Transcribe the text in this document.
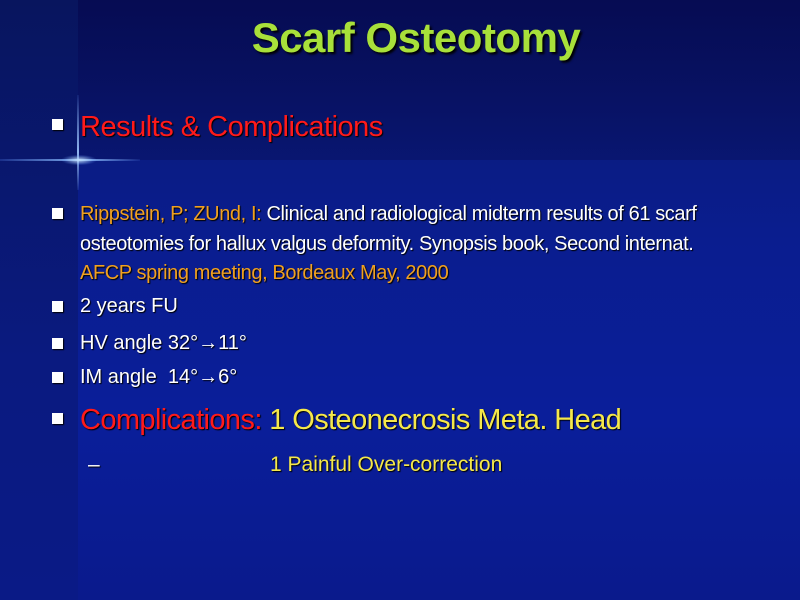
Scarf Osteotomy
Results & Complications
Rippstein, P; ZUnd, I: Clinical and radiological midterm results of 61 scarf
osteotomies for hallux valgus deformity. Synopsis book, Second internat.
AFCP spring meeting, Bordeaux May, 2000
2 years FU
HV angle 32°→11°
IM angle  14°→6°
Complications: 1 Osteonecrosis Meta. Head
–	1 Painful Over-correction
